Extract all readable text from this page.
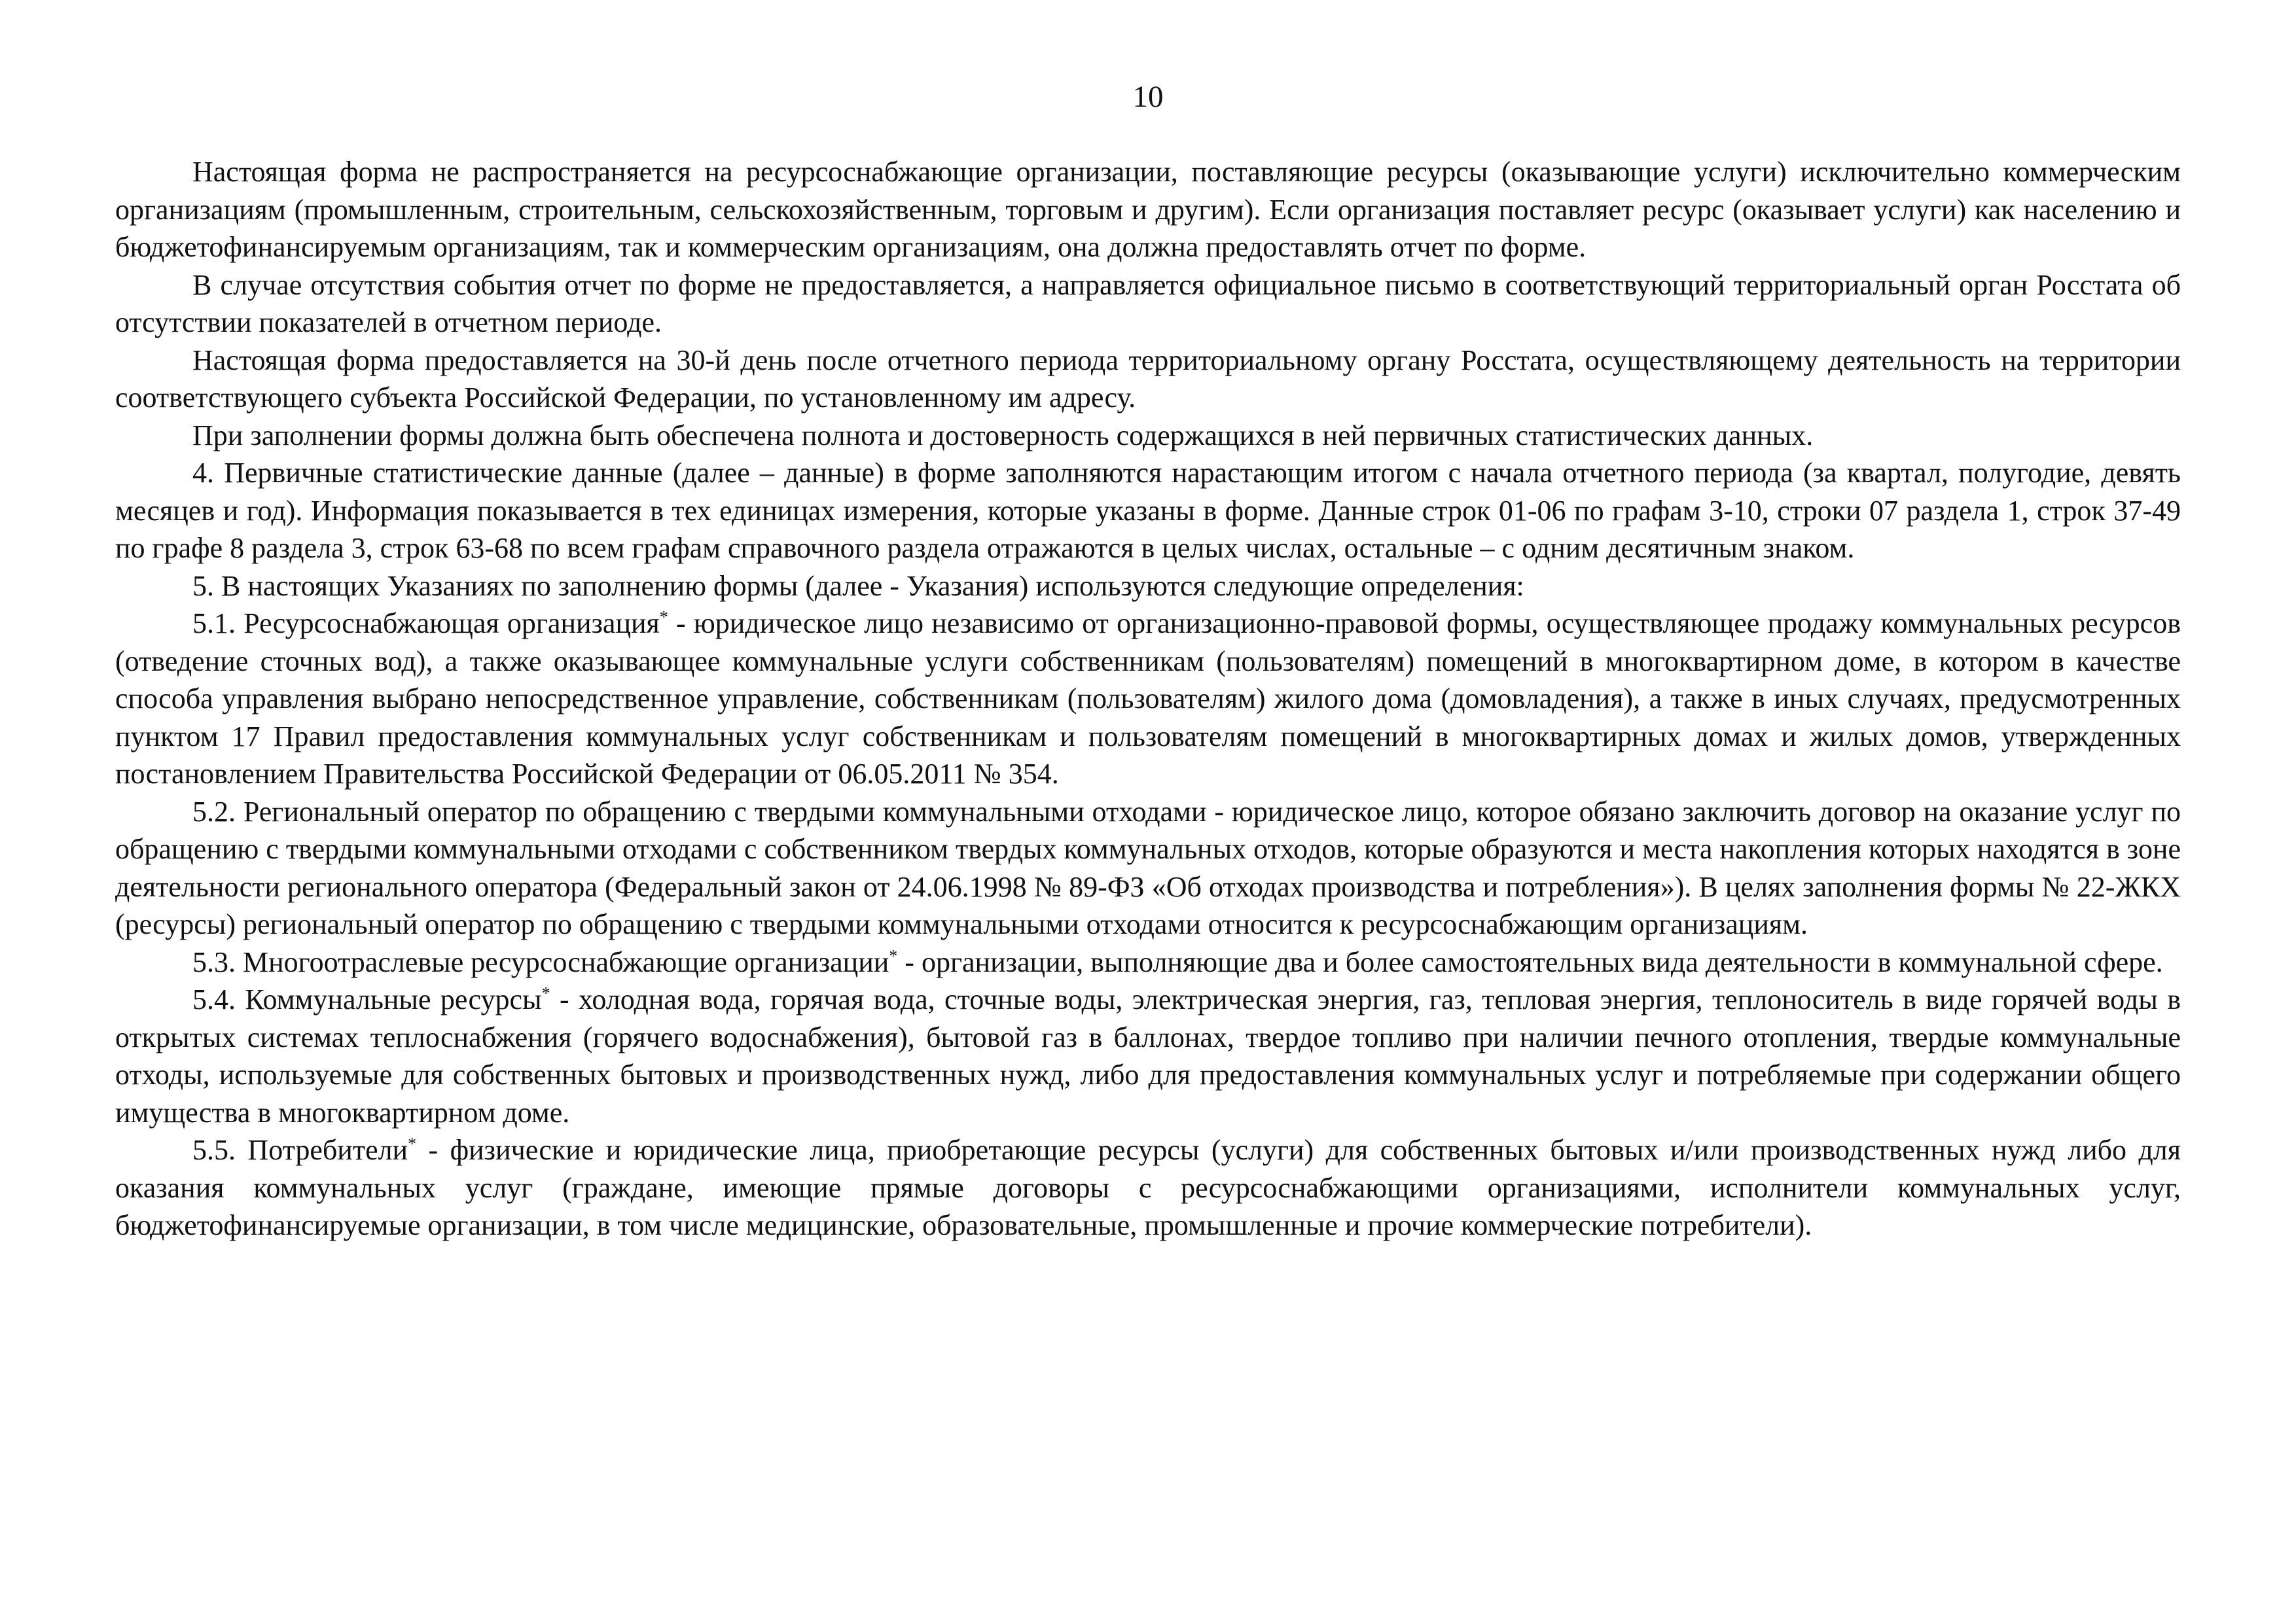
10

Настоящая форма не распространяется на ресурсоснабжающие организации, поставляющие ресурсы (оказывающие услуги) исключительно коммерческим организациям (промышленным, строительным, сельскохозяйственным, торговым и другим). Если организация поставляет ресурс (оказывает услуги) как населению и бюджетофинансируемым организациям, так и коммерческим организациям, она должна предоставлять отчет по форме.

В случае отсутствия события отчет по форме не предоставляется, а направляется официальное письмо в соответствующий территориальный орган Росстата об отсутствии показателей в отчетном периоде.

Настоящая форма предоставляется на 30-й день после отчетного периода территориальному органу Росстата, осуществляющему деятельность на территории соответствующего субъекта Российской Федерации, по установленному им адресу.

При заполнении формы должна быть обеспечена полнота и достоверность содержащихся в ней первичных статистических данных.

4. Первичные статистические данные (далее – данные) в форме заполняются нарастающим итогом с начала отчетного периода (за квартал, полугодие, девять месяцев и год). Информация показывается в тех единицах измерения, которые указаны в форме. Данные строк 01-06 по графам 3-10, строки 07 раздела 1, строк 37-49 по графе 8 раздела 3, строк 63-68 по всем графам справочного раздела отражаются в целых числах, остальные – с одним десятичным знаком.

5. В настоящих Указаниях по заполнению формы (далее - Указания) используются следующие определения:

5.1. Ресурсоснабжающая организация* - юридическое лицо независимо от организационно-правовой формы, осуществляющее продажу коммунальных ресурсов (отведение сточных вод), а также оказывающее коммунальные услуги собственникам (пользователям) помещений в многоквартирном доме, в котором в качестве способа управления выбрано непосредственное управление, собственникам (пользователям) жилого дома (домовладения), а также в иных случаях, предусмотренных пунктом 17 Правил предоставления коммунальных услуг собственникам и пользователям помещений в многоквартирных домах и жилых домов, утвержденных постановлением Правительства Российской Федерации от 06.05.2011 № 354.

5.2. Региональный оператор по обращению с твердыми коммунальными отходами - юридическое лицо, которое обязано заключить договор на оказание услуг по обращению с твердыми коммунальными отходами с собственником твердых коммунальных отходов, которые образуются и места накопления которых находятся в зоне деятельности регионального оператора (Федеральный закон от 24.06.1998 № 89-ФЗ «Об отходах производства и потребления»). В целях заполнения формы № 22-ЖКХ (ресурсы) региональный оператор по обращению с твердыми коммунальными отходами относится к ресурсоснабжающим организациям.

5.3. Многоотраслевые ресурсоснабжающие организации* - организации, выполняющие два и более самостоятельных вида деятельности в коммунальной сфере.

5.4. Коммунальные ресурсы* - холодная вода, горячая вода, сточные воды, электрическая энергия, газ, тепловая энергия, теплоноситель в виде горячей воды в открытых системах теплоснабжения (горячего водоснабжения), бытовой газ в баллонах, твердое топливо при наличии печного отопления, твердые коммунальные отходы, используемые для собственных бытовых и производственных нужд, либо для предоставления коммунальных услуг и потребляемые при содержании общего имущества в многоквартирном доме.

5.5. Потребители* - физические и юридические лица, приобретающие ресурсы (услуги) для собственных бытовых и/или производственных нужд либо для оказания коммунальных услуг (граждане, имеющие прямые договоры с ресурсоснабжающими организациями, исполнители коммунальных услуг, бюджетофинансируемые организации, в том числе медицинские, образовательные, промышленные и прочие коммерческие потребители).
